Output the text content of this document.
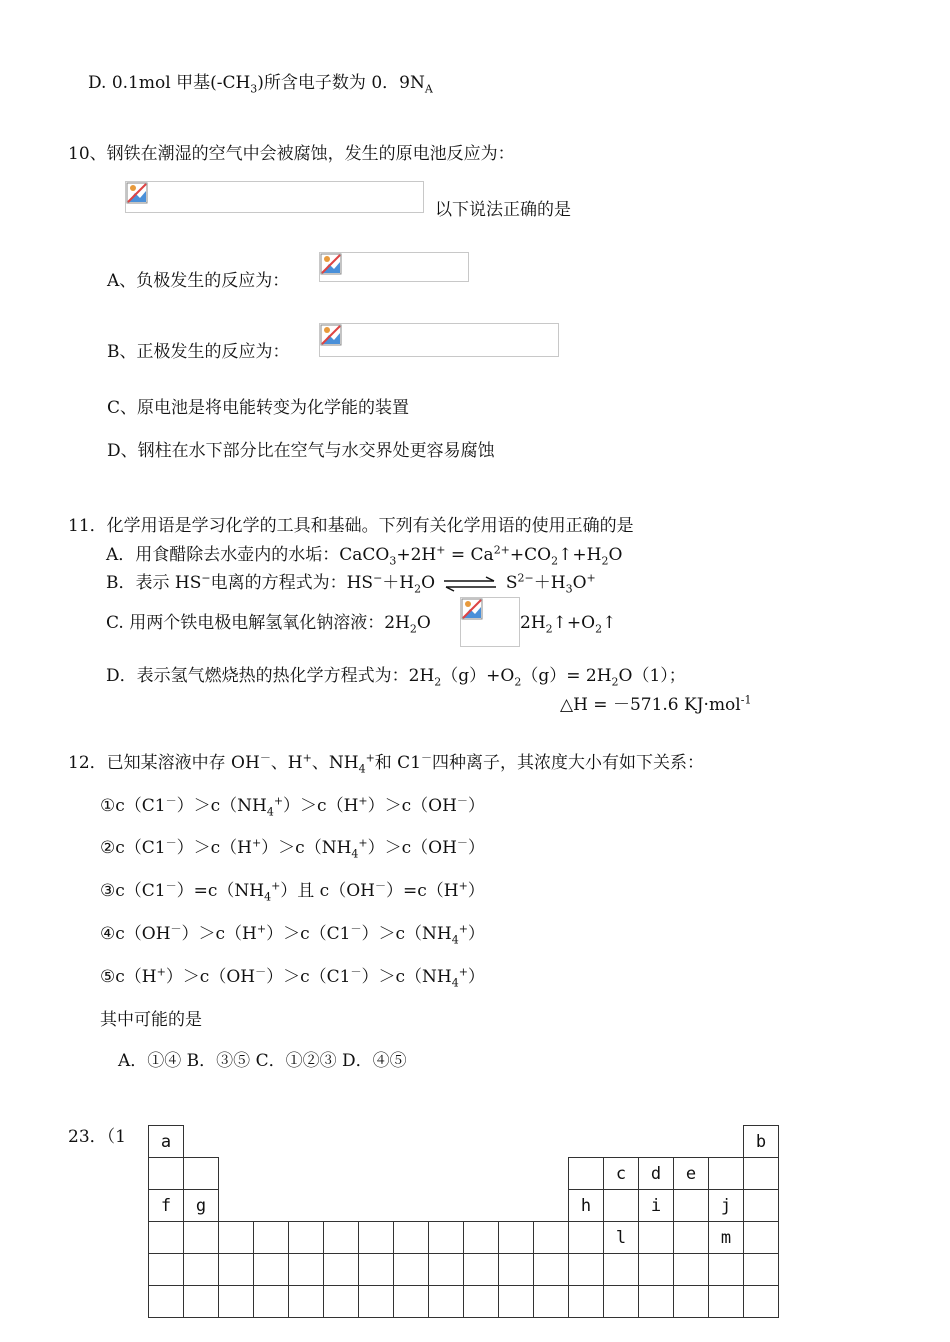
D. 0.1mol 甲基$(-CH_3)$所含电子数为 0．$9N_A$
10、钢铁在潮湿的空气中会被腐蚀，发生的原电池反应为：
以下说法正确的是
A、负极发生的反应为：
B、正极发生的反应为：
C、原电池是将电能转变为化学能的装置
D、钢柱在水下部分比在空气与水交界处更容易腐蚀
11．化学用语是学习化学的工具和基础。下列有关化学用语的使用正确的是
A．用食醋除去水壶内的水垢：CaCO$_3$+2H+ = $Ca^{2+}+CO_2↑+H_2O$
B．表示 HS−电离的方程式为：$HS^-+H_2O$ ⇌ $S^{2-}+H_3O^+$
C. 用两个铁电极电解氢氧化钠溶液：$2H_2O$	$2H_2↑+O_2↑$
D．表示氢气燃烧热的热化学方程式为：$2H_2(g)+O_2(g)= 2H_2O(1)$；
△H = －571.6 KJ·mol$^{-1}$
12．已知某溶液中存 OH－、H+、$NH_4^+$和 C1－四种离子，其浓度大小有如下关系：
$①c(C1^-)>c(NH_4^+)>c(H^+)>c(OH^-)$
$②c(C1^-)>c(H^+)>c(NH_4^+)>c(OH^-)$
$③c(C1^-)=c(NH_4^+)$且 c（OH－）=c（H+）
$④c(OH^-)>c(H^+)>c(C1^-)>c(NH_4^+)$
$⑤c(H^+)>c(OH^-)>c(C1^-)>c(NH_4^+)$
其中可能的是
A．①④ B．③⑤ C．①②③ D．④⑤
23．（1 a																	b
													c	d	e		
f	g											h		i		j	
													l			m	
